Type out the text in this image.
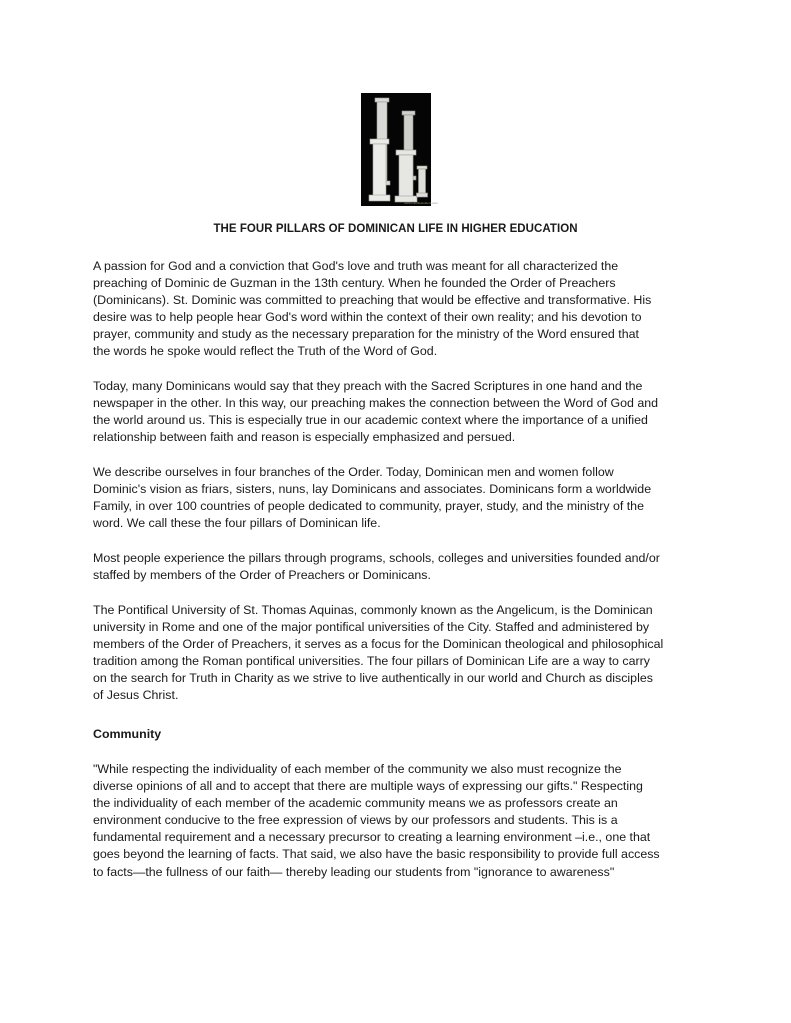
www.CandleHolders.com
THE FOUR PILLARS OF DOMINICAN LIFE IN HIGHER EDUCATION

A passion for God and a conviction that God's love and truth was meant for all characterized the
preaching of Dominic de Guzman in the 13th century. When he founded the Order of Preachers
(Dominicans). St. Dominic was committed to preaching that would be effective and transformative. His
desire was to help people hear God's word within the context of their own reality; and his devotion to
prayer, community and study as the necessary preparation for the ministry of the Word ensured that
the words he spoke would reflect the Truth of the Word of God.

Today, many Dominicans would say that they preach with the Sacred Scriptures in one hand and the
newspaper in the other. In this way, our preaching makes the connection between the Word of God and
the world around us. This is especially true in our academic context where the importance of a unified
relationship between faith and reason is especially emphasized and persued.

We describe ourselves in four branches of the Order. Today, Dominican men and women follow
Dominic's vision as friars, sisters, nuns, lay Dominicans and associates. Dominicans form a worldwide
Family, in over 100 countries of people dedicated to community, prayer, study, and the ministry of the
word. We call these the four pillars of Dominican life.

Most people experience the pillars through programs, schools, colleges and universities founded and/or
staffed by members of the Order of Preachers or Dominicans.

The Pontifical University of St. Thomas Aquinas, commonly known as the Angelicum, is the Dominican
university in Rome and one of the major pontifical universities of the City. Staffed and administered by
members of the Order of Preachers, it serves as a focus for the Dominican theological and philosophical
tradition among the Roman pontifical universities. The four pillars of Dominican Life are a way to carry
on the search for Truth in Charity as we strive to live authentically in our world and Church as disciples
of Jesus Christ.

Community

"While respecting the individuality of each member of the community we also must recognize the
diverse opinions of all and to accept that there are multiple ways of expressing our gifts." Respecting
the individuality of each member of the academic community means we as professors create an
environment conducive to the free expression of views by our professors and students. This is a
fundamental requirement and a necessary precursor to creating a learning environment –i.e., one that
goes beyond the learning of facts. That said, we also have the basic responsibility to provide full access
to facts—the fullness of our faith— thereby leading our students from "ignorance to awareness"
